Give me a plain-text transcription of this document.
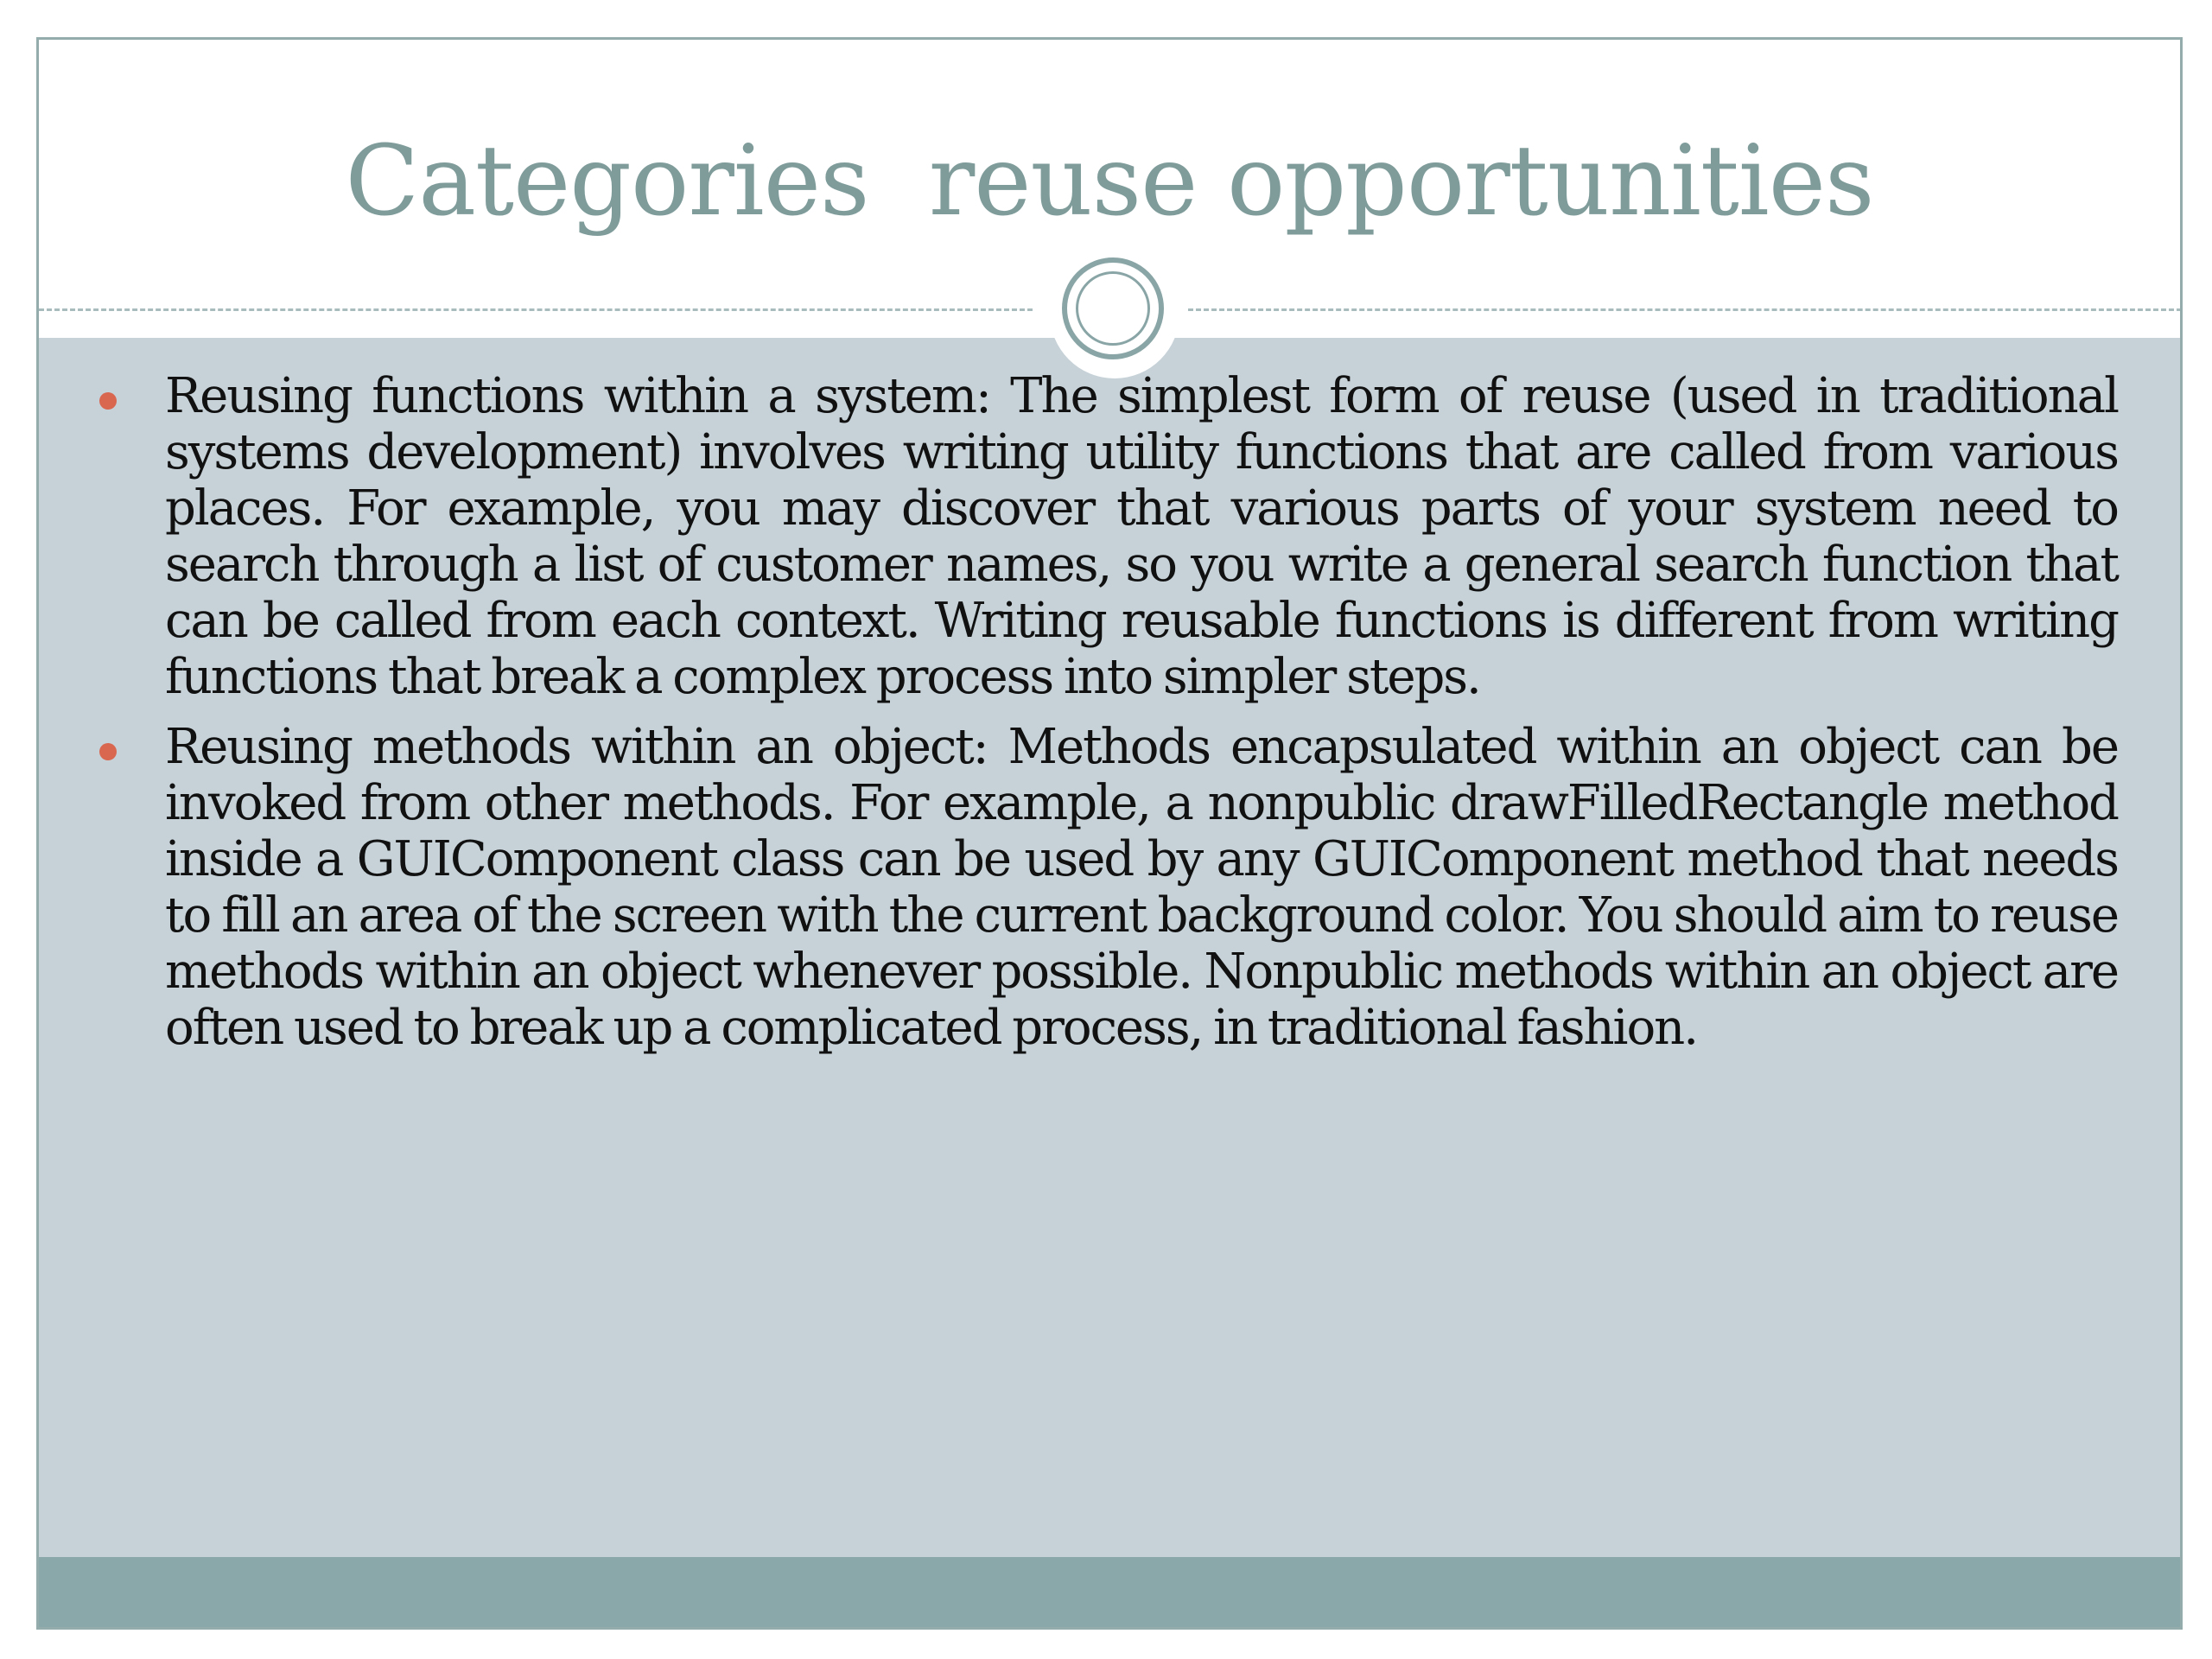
Categories  reuse opportunities
Reusing functions within a system: The simplest form of reuse (used in traditional systems development) involves writing utility functions that are called from various places. For example, you may discover that various parts of your system need to search through a list of customer names, so you write a general search function that can be called from each context. Writing reusable functions is different from writing functions that break a complex process into simpler steps.
Reusing methods within an object: Methods encapsulated within an object can be invoked from other methods. For example, a nonpublic drawFilledRectangle method inside a GUIComponent class can be used by any GUIComponent method that needs to fill an area of the screen with the current background color. You should aim to reuse methods within an object whenever possible. Nonpublic methods within an object are often used to break up a complicated process, in traditional fashion.
